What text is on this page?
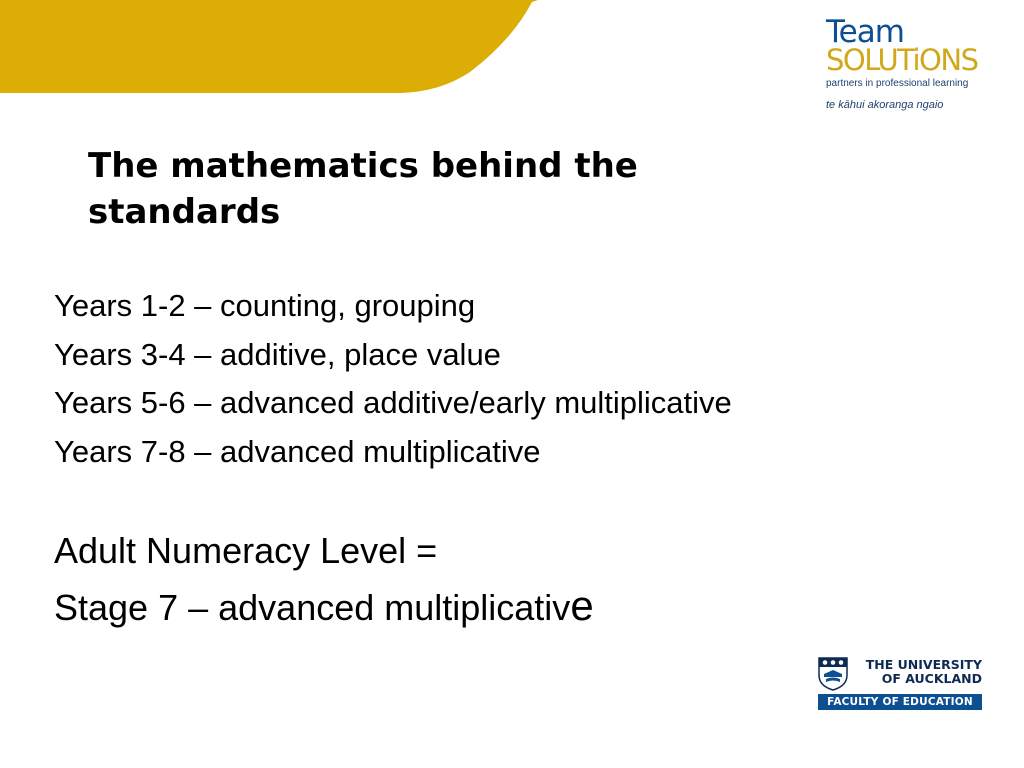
Team
SOLUTiONS
partners in professional learning
te kāhui akoranga ngaio
The mathematics behind the standards
Years 1-2 – counting, grouping
Years 3-4 – additive, place value
Years 5-6 – advanced additive/early multiplicative
Years 7-8 – advanced multiplicative
Adult Numeracy Level =
Stage 7 – advanced multiplicative
THE UNIVERSITY
OF AUCKLAND
FACULTY OF EDUCATION
